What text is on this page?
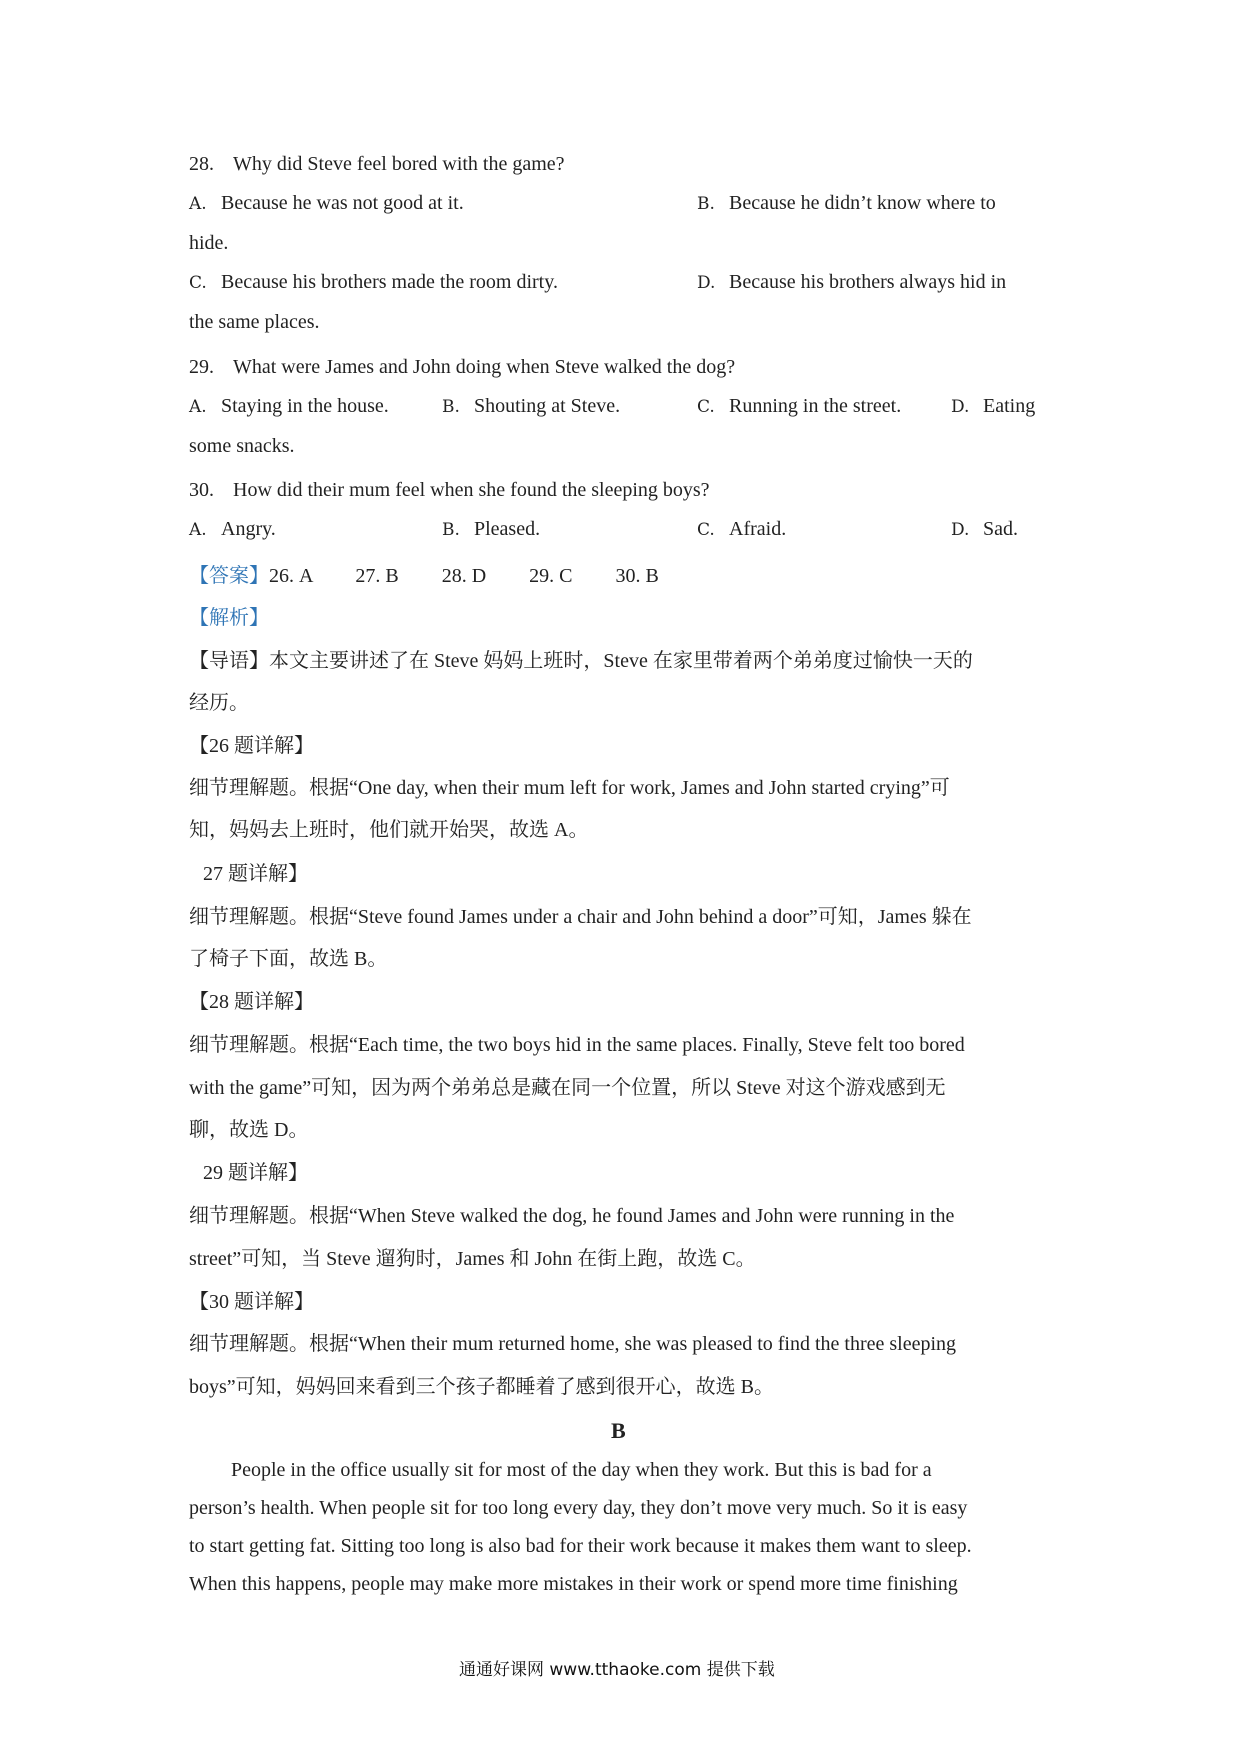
28. Why did Steve feel bored with the game?
A. Because he was not good at it.	B. Because he didn’t know where to
hide.
C. Because his brothers made the room dirty.	D. Because his brothers always hid in
the same places.
29. What were James and John doing when Steve walked the dog?
A. Staying in the house.	B. Shouting at Steve.	C. Running in the street.	D. Eating
some snacks.
30. How did their mum feel when she found the sleeping boys?
A. Angry.	B. Pleased.	C. Afraid.	D. Sad.
【答案】26. A 27. B 28. D 29. C 30. B
【解析】
【导语】本文主要讲述了在 Steve 妈妈上班时，Steve 在家里带着两个弟弟度过愉快一天的
经历。
【26 题详解】
细节理解题。根据“One day, when their mum left for work, James and John started crying”可
知，妈妈去上班时，他们就开始哭，故选 A。
27 题详解】
细节理解题。根据“Steve found James under a chair and John behind a door”可知，James 躲在
了椅子下面，故选 B。
【28 题详解】
细节理解题。根据“Each time, the two boys hid in the same places. Finally, Steve felt too bored
with the game”可知，因为两个弟弟总是藏在同一个位置，所以 Steve 对这个游戏感到无
聊，故选 D。
29 题详解】
细节理解题。根据“When Steve walked the dog, he found James and John were running in the
street”可知，当 Steve 遛狗时，James 和 John 在街上跑，故选 C。
【30 题详解】
细节理解题。根据“When their mum returned home, she was pleased to find the three sleeping
boys”可知，妈妈回来看到三个孩子都睡着了感到很开心，故选 B。
B
People in the office usually sit for most of the day when they work. But this is bad for a
person’s health. When people sit for too long every day, they don’t move very much. So it is easy
to start getting fat. Sitting too long is also bad for their work because it makes them want to sleep.
When this happens, people may make more mistakes in their work or spend more time finishing
通通好课网 www.tthaoke.com 提供下载
